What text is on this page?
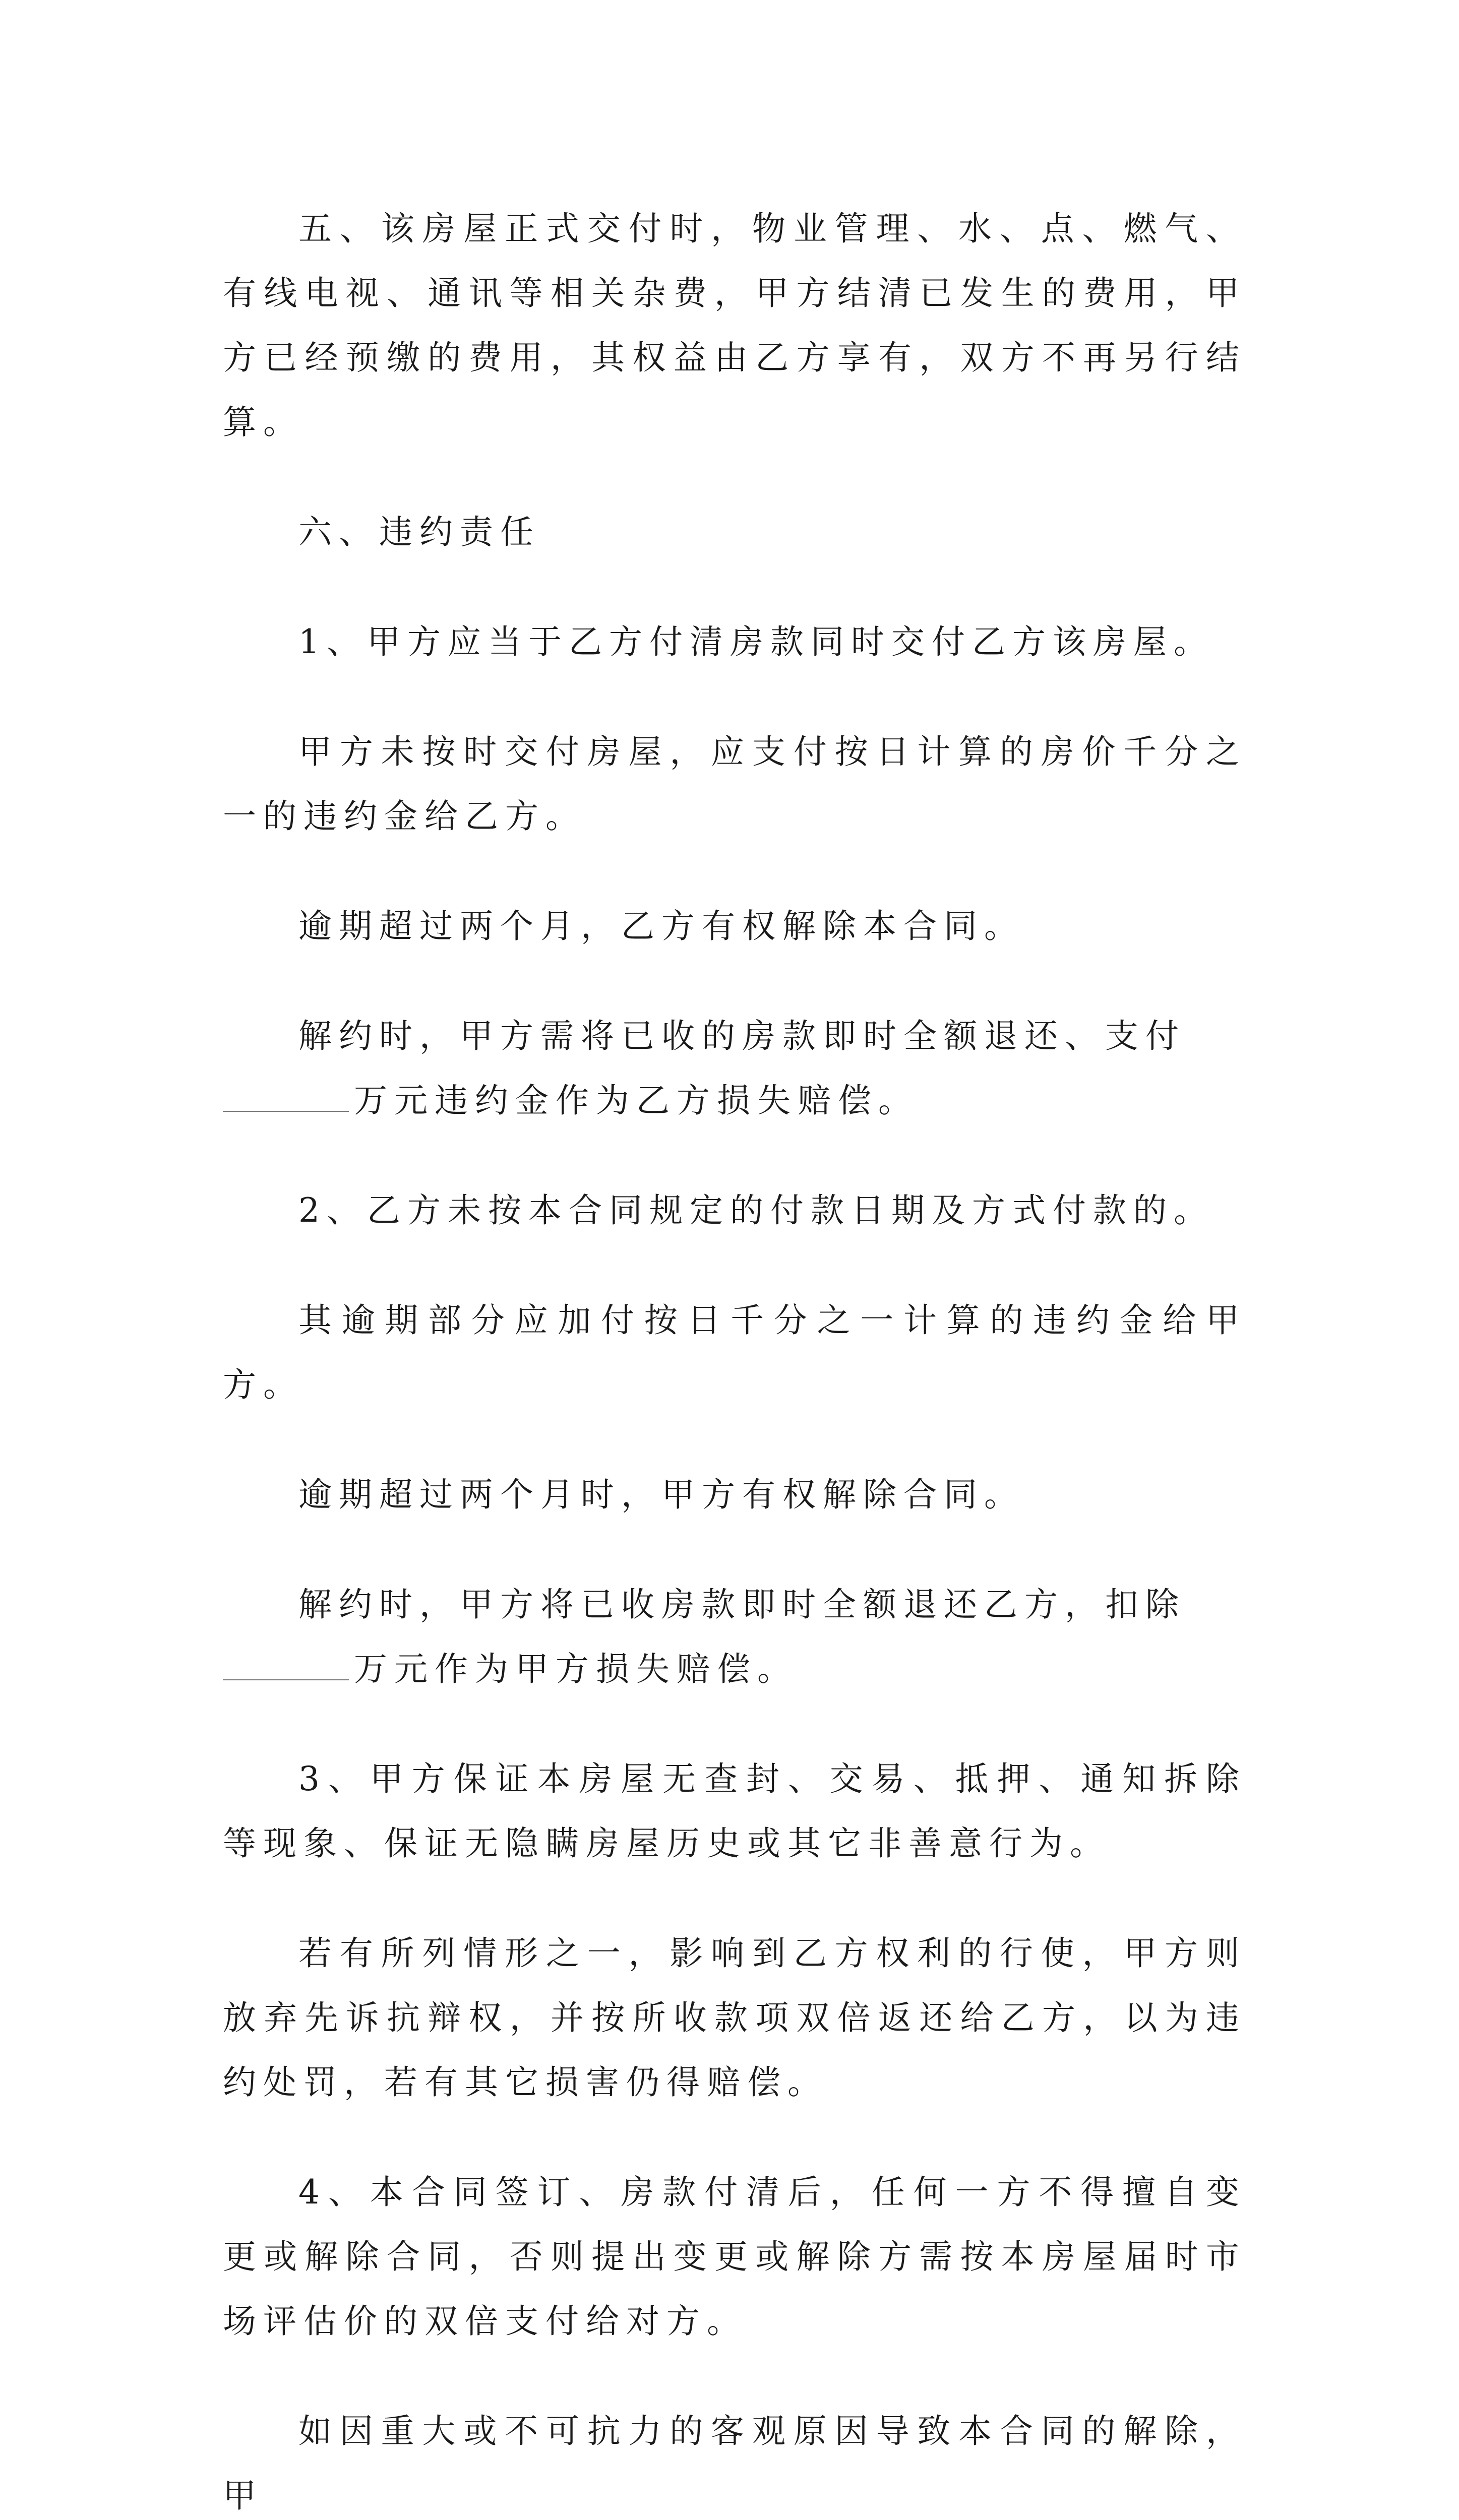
五、该房屋正式交付时，物业管理、水、点、燃气、有线电视、通讯等相关杂费，甲方结清已发生的费用，甲方已经预缴的费用，其权益由乙方享有，双方不再另行结算。

六、违约责任

1、甲方应当于乙方付清房款同时交付乙方该房屋。

甲方未按时交付房屋，应支付按日计算的房价千分之一的违约金给乙方。

逾期超过两个月，乙方有权解除本合同。

解约时，甲方需将已收的房款即时全额退还、支付

万元违约金作为乙方损失赔偿。

2、乙方未按本合同规定的付款日期及方式付款的。

其逾期部分应加付按日千分之一计算的违约金给甲方。

逾期超过两个月时，甲方有权解除合同。

解约时，甲方将已收房款即时全额退还乙方，扣除

万元作为甲方损失赔偿。

3、甲方保证本房屋无查封、交易、抵押、通知拆除等现象、保证无隐瞒房屋历史或其它非善意行为。

若有所列情形之一，影响到乙方权利的行使，甲方则放弃先诉抗辩权，并按所收款项双倍返还给乙方，以为违约处罚，若有其它损害仍得赔偿。

4、本合同签订、房款付清后，任何一方不得擅自变更或解除合同，否则提出变更或解除方需按本房屋届时市场评估价的双倍支付给对方。

如因重大或不可抗力的客观原因导致本合同的解除，甲
